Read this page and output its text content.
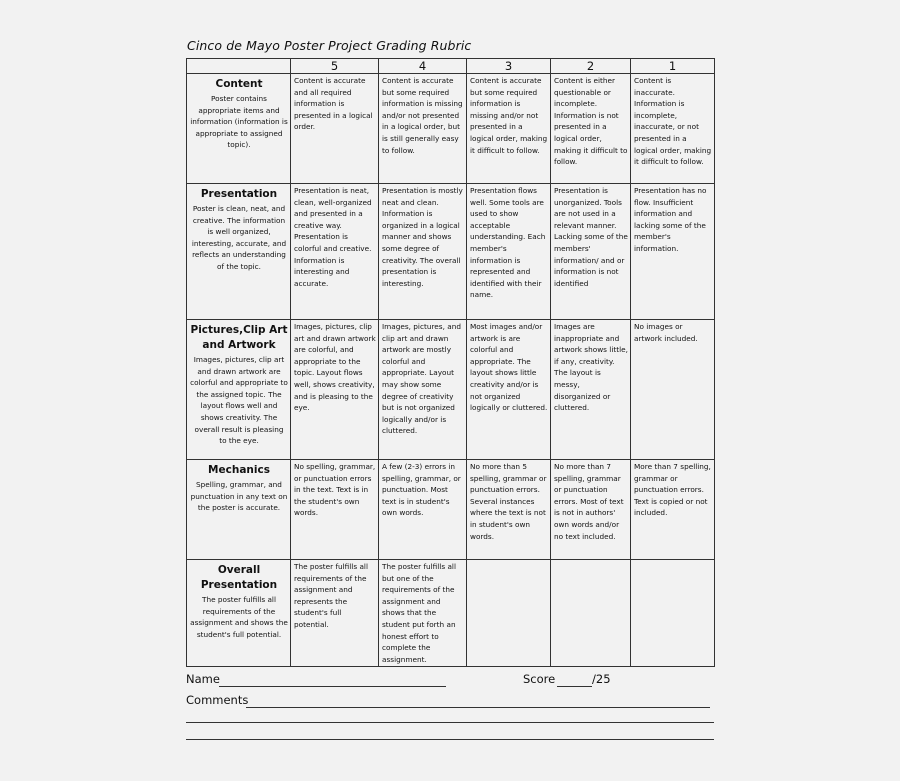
Cinco de Mayo Poster Project Grading Rubric
	5	4	3	2	1

Content
Poster contains appropriate items and information (information is appropriate to assigned topic).	Content is accurate and all required information is presented in a logical order.	Content is accurate but some required information is missing and/or not presented in a logical order, but is still generally easy to follow.	Content is accurate but some required information is missing and/or not presented in a logical order, making it difficult to follow.	Content is either questionable or incomplete. Information is not presented in a logical order, making it difficult to follow.	Content is inaccurate. Information is incomplete, inaccurate, or not presented in a logical order, making it difficult to follow.

Presentation
Poster is clean, neat, and creative. The information is well organized, interesting, accurate, and reflects an understanding of the topic.	Presentation is neat, clean, well-organized and presented in a creative way. Presentation is colorful and creative. Information is interesting and accurate.	Presentation is mostly neat and clean. Information is organized in a logical manner and shows some degree of creativity. The overall presentation is interesting.	Presentation flows well. Some tools are used to show acceptable understanding. Each member's information is represented and identified with their name.	Presentation is unorganized. Tools are not used in a relevant manner. Lacking some of the members' information/ and or information is not identified	Presentation has no flow. Insufficient information and lacking some of the member's information.

Pictures,Clip Art and Artwork
Images, pictures, clip art and drawn artwork are colorful and appropriate to the assigned topic. The layout flows well and shows creativity. The overall result is pleasing to the eye.	Images, pictures, clip art and drawn artwork are colorful, and appropriate to the topic. Layout flows well, shows creativity, and is pleasing to the eye.	Images, pictures, and clip art and drawn artwork are mostly colorful and appropriate. Layout may show some degree of creativity but is not organized logically and/or is cluttered.	Most images and/or artwork is are colorful and appropriate. The layout shows little creativity and/or is not organized logically or cluttered.	Images are inappropriate and artwork shows little, if any, creativity. The layout is messy, disorganized or cluttered.	No images or artwork included.

Mechanics
Spelling, grammar, and punctuation in any text on the poster is accurate.	No spelling, grammar, or punctuation errors in the text. Text is in the student's own words.	A few (2-3) errors in spelling, grammar, or punctuation. Most text is in student's own words.	No more than 5 spelling, grammar or punctuation errors. Several instances where the text is not in student's own words.	No more than 7 spelling, grammar or punctuation errors. Most of text is not in authors' own words and/or no text included.	More than 7 spelling, grammar or punctuation errors. Text is copied or not included.

Overall Presentation
The poster fulfills all requirements of the assignment and shows the student's full potential.	The poster fulfills all requirements of the assignment and represents the student's full potential.	The poster fulfills all but one of the requirements of the assignment and shows that the student put forth an honest effort to complete the assignment.			
Name	Score	/25
Comments
